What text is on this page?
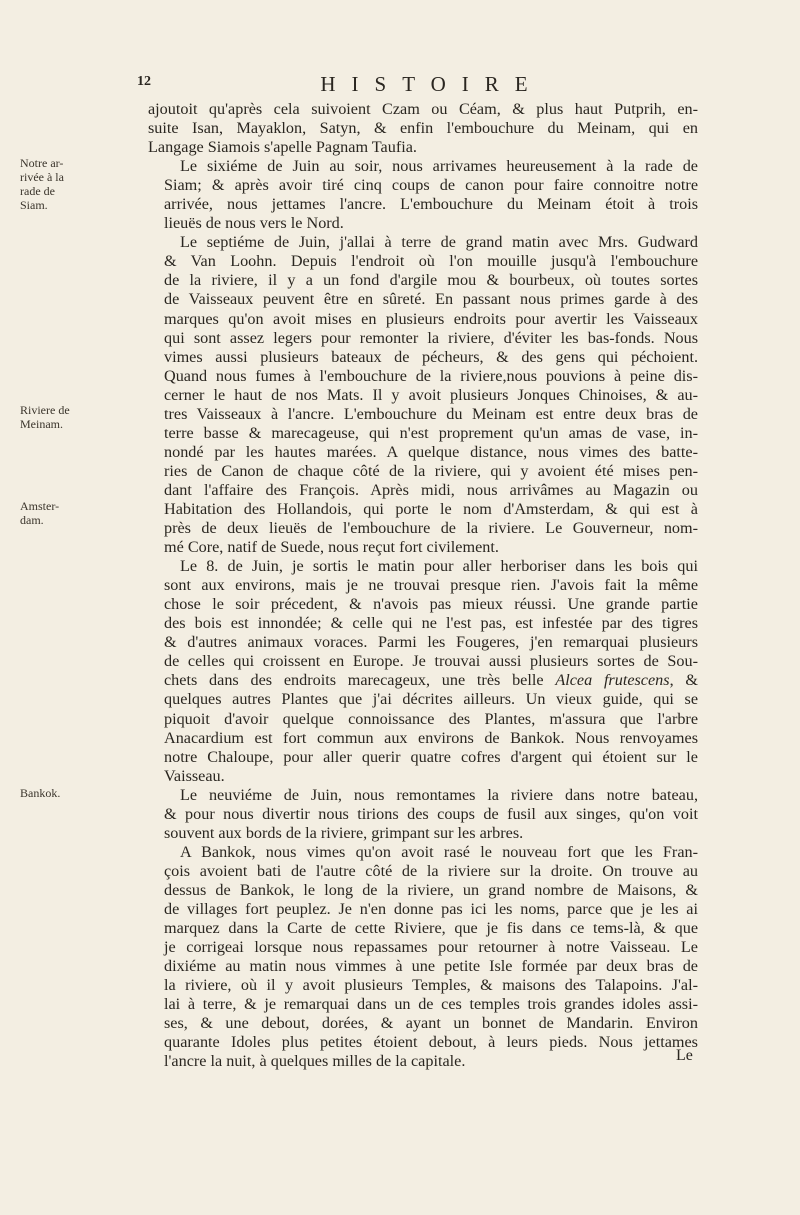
12	HISTOIRE
Notre ar-
rivée à la
rade de
Siam.
Riviere de
Meinam.
Amster-
dam.
Bankok.
ajoutoit qu'après cela suivoient Czam ou Céam, & plus haut Putprih, en-
suite Isan, Mayaklon, Satyn, & enfin l'embouchure du Meinam, qui en
Langage Siamois s'apelle Pagnam Taufia.
Le sixiéme de Juin au soir, nous arrivames heureusement à la rade de
Siam; & après avoir tiré cinq coups de canon pour faire connoitre notre
arrivée, nous jettames l'ancre. L'embouchure du Meinam étoit à trois
lieuës de nous vers le Nord.
Le septiéme de Juin, j'allai à terre de grand matin avec Mrs. Gudward
& Van Loohn. Depuis l'endroit où l'on mouille jusqu'à l'embouchure
de la riviere, il y a un fond d'argile mou & bourbeux, où toutes sortes
de Vaisseaux peuvent être en sûreté. En passant nous primes garde à des
marques qu'on avoit mises en plusieurs endroits pour avertir les Vaisseaux
qui sont assez legers pour remonter la riviere, d'éviter les bas-fonds. Nous
vimes aussi plusieurs bateaux de pécheurs, & des gens qui péchoient.
Quand nous fumes à l'embouchure de la riviere,nous pouvions à peine dis-
cerner le haut de nos Mats. Il y avoit plusieurs Jonques Chinoises, & au-
tres Vaisseaux à l'ancre. L'embouchure du Meinam est entre deux bras de
terre basse & marecageuse, qui n'est proprement qu'un amas de vase, in-
nondé par les hautes marées. A quelque distance, nous vimes des batte-
ries de Canon de chaque côté de la riviere, qui y avoient été mises pen-
dant l'affaire des François. Après midi, nous arrivâmes au Magazin ou
Habitation des Hollandois, qui porte le nom d'Amsterdam, & qui est à
près de deux lieuës de l'embouchure de la riviere. Le Gouverneur, nom-
mé Core, natif de Suede, nous reçut fort civilement.
Le 8. de Juin, je sortis le matin pour aller herboriser dans les bois qui
sont aux environs, mais je ne trouvai presque rien. J'avois fait la même
chose le soir précedent, & n'avois pas mieux réussi. Une grande partie
des bois est innondée; & celle qui ne l'est pas, est infestée par des tigres
& d'autres animaux voraces. Parmi les Fougeres, j'en remarquai plusieurs
de celles qui croissent en Europe. Je trouvai aussi plusieurs sortes de Sou-
chets dans des endroits marecageux, une très belle Alcea frutescens, &
quelques autres Plantes que j'ai décrites ailleurs. Un vieux guide, qui se
piquoit d'avoir quelque connoissance des Plantes, m'assura que l'arbre
Anacardium est fort commun aux environs de Bankok. Nous renvoyames
notre Chaloupe, pour aller querir quatre cofres d'argent qui étoient sur le
Vaisseau.
Le neuviéme de Juin, nous remontames la riviere dans notre bateau,
& pour nous divertir nous tirions des coups de fusil aux singes, qu'on voit
souvent aux bords de la riviere, grimpant sur les arbres.
A Bankok, nous vimes qu'on avoit rasé le nouveau fort que les Fran-
çois avoient bati de l'autre côté de la riviere sur la droite. On trouve au
dessus de Bankok, le long de la riviere, un grand nombre de Maisons, &
de villages fort peuplez. Je n'en donne pas ici les noms, parce que je les ai
marquez dans la Carte de cette Riviere, que je fis dans ce tems-là, & que
je corrigeai lorsque nous repassames pour retourner à notre Vaisseau. Le
dixiéme au matin nous vimmes à une petite Isle formée par deux bras de
la riviere, où il y avoit plusieurs Temples, & maisons des Talapoins. J'al-
lai à terre, & je remarquai dans un de ces temples trois grandes idoles assi-
ses, & une debout, dorées, & ayant un bonnet de Mandarin. Environ
quarante Idoles plus petites étoient debout, à leurs pieds. Nous jettames
l'ancre la nuit, à quelques milles de la capitale.	Le
